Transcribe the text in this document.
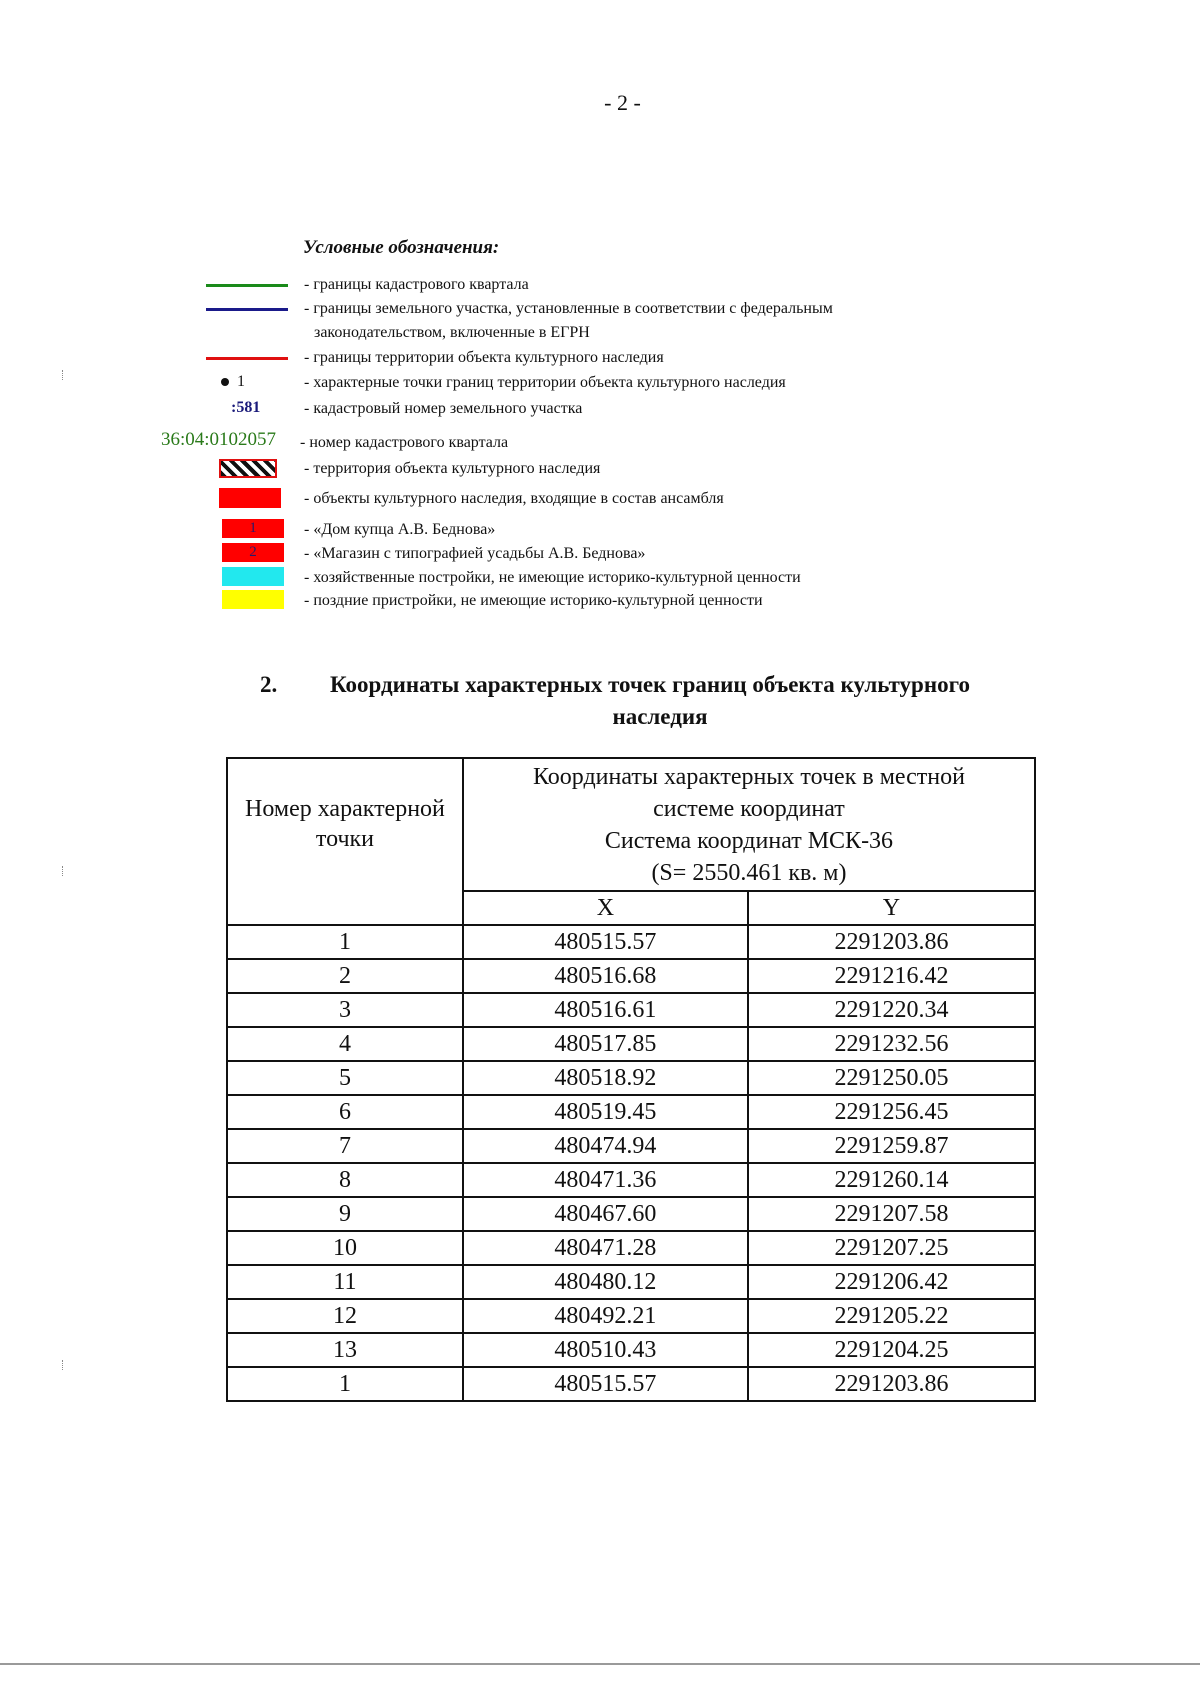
- 2 -
Условные обозначения:
- границы кадастрового квартала
- границы земельного участка, установленные в соответствии с федеральным
законодательством, включенные в ЕГРН
- границы территории объекта культурного наследия
1	- характерные точки границ территории объекта культурного наследия
:581	- кадастровый номер земельного участка
36:04:0102057 - номер кадастрового квартала
- территория объекта культурного наследия
- объекты культурного наследия, входящие в состав ансамбля
1	- «Дом купца А.В. Беднова»
2	- «Магазин с типографией усадьбы А.В. Беднова»
- хозяйственные постройки, не имеющие историко-культурной ценности
- поздние пристройки, не имеющие историко-культурной ценности
2. Координаты характерных точек границ объекта культурного
наследия
Номер характерной точки	Координаты характерных точек в местной
системе координат
Система координат МСК-36
(S= 2550.461 кв. м)	

	X	Y
1	480515.57	2291203.86
2	480516.68	2291216.42
3	480516.61	2291220.34
4	480517.85	2291232.56
5	480518.92	2291250.05
6	480519.45	2291256.45
7	480474.94	2291259.87
8	480471.36	2291260.14
9	480467.60	2291207.58
10	480471.28	2291207.25
11	480480.12	2291206.42
12	480492.21	2291205.22
13	480510.43	2291204.25
1	480515.57	2291203.86
